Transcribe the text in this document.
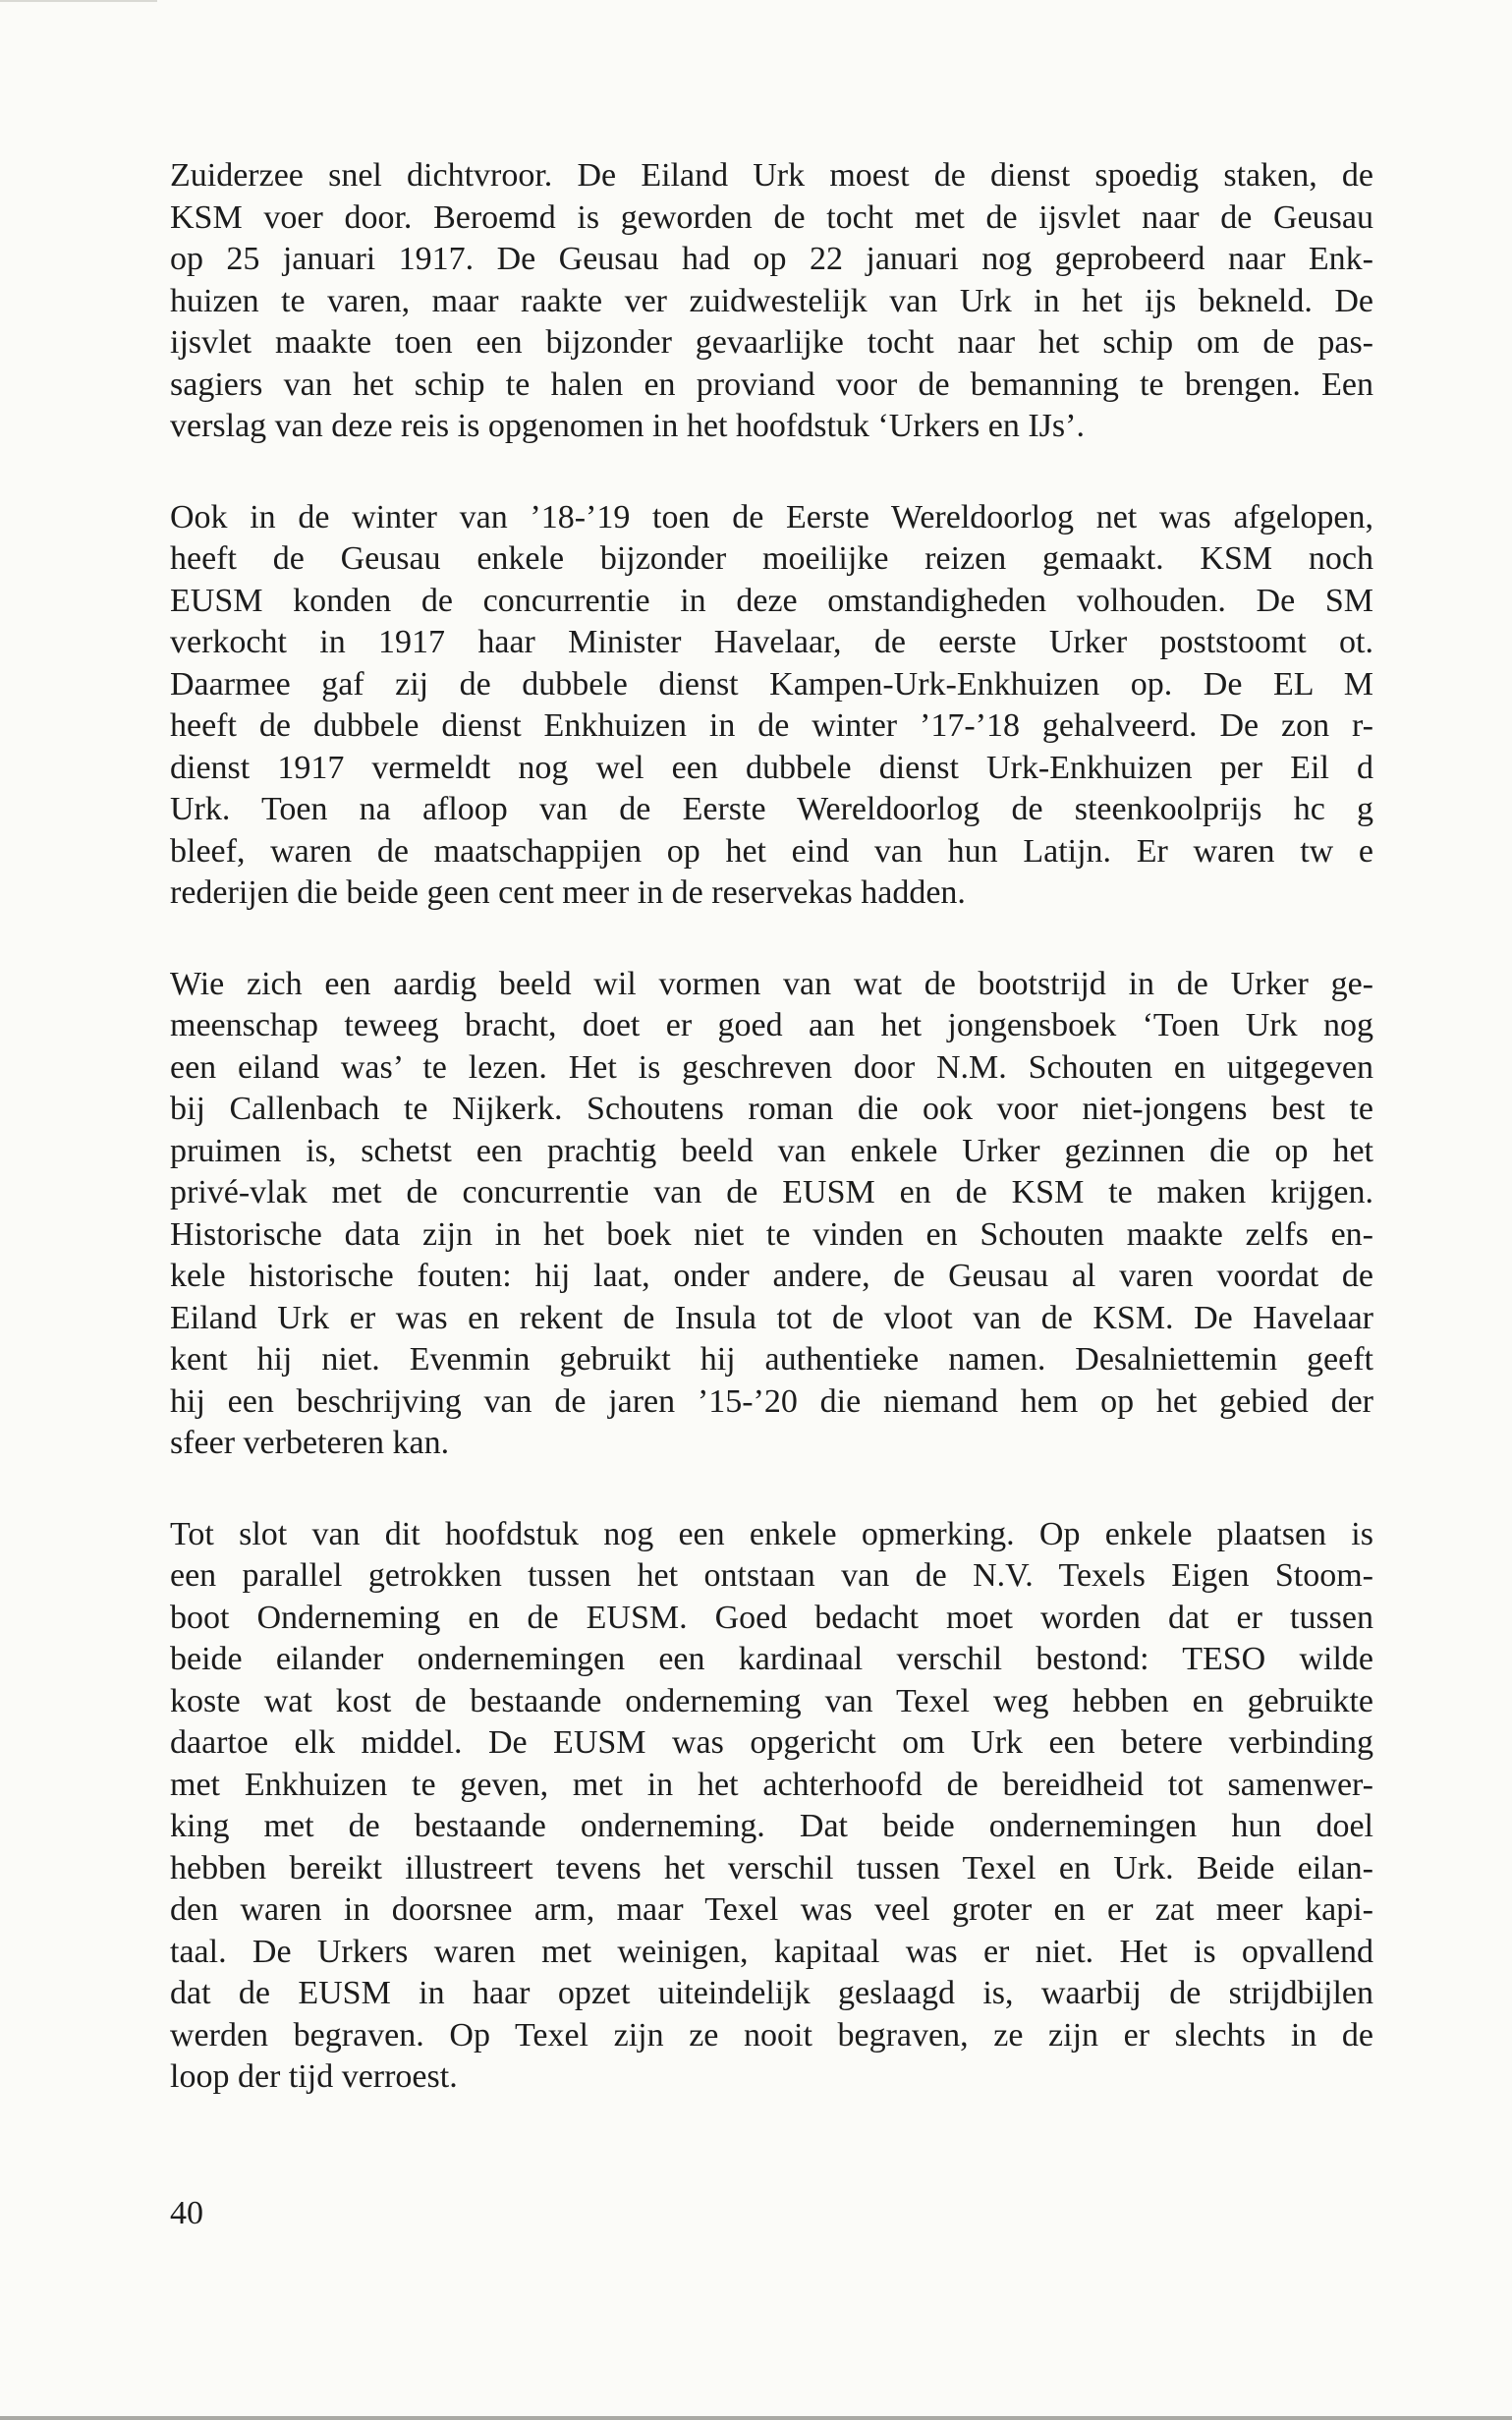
Zuiderzee snel dichtvroor. De Eiland Urk moest de dienst spoedig staken, de
KSM voer door. Beroemd is geworden de tocht met de ijsvlet naar de Geusau
op 25 januari 1917. De Geusau had op 22 januari nog geprobeerd naar Enk-
huizen te varen, maar raakte ver zuidwestelijk van Urk in het ijs bekneld. De
ijsvlet maakte toen een bijzonder gevaarlijke tocht naar het schip om de pas-
sagiers van het schip te halen en proviand voor de bemanning te brengen. Een
verslag van deze reis is opgenomen in het hoofdstuk ‘Urkers en IJs’.

Ook in de winter van ’18-’19 toen de Eerste Wereldoorlog net was afgelopen,
heeft de Geusau enkele bijzonder moeilijke reizen gemaakt. KSM noch
EUSM konden de concurrentie in deze omstandigheden volhouden. De SM
verkocht in 1917 haar Minister Havelaar, de eerste Urker poststoomt ot.
Daarmee gaf zij de dubbele dienst Kampen-Urk-Enkhuizen op. De EL M
heeft de dubbele dienst Enkhuizen in de winter ’17-’18 gehalveerd. De zon r-
dienst 1917 vermeldt nog wel een dubbele dienst Urk-Enkhuizen per Eil d
Urk. Toen na afloop van de Eerste Wereldoorlog de steenkoolprijs hc g
bleef, waren de maatschappijen op het eind van hun Latijn. Er waren tw e
rederijen die beide geen cent meer in de reservekas hadden.

Wie zich een aardig beeld wil vormen van wat de bootstrijd in de Urker ge-
meenschap teweeg bracht, doet er goed aan het jongensboek ‘Toen Urk nog
een eiland was’ te lezen. Het is geschreven door N.M. Schouten en uitgegeven
bij Callenbach te Nijkerk. Schoutens roman die ook voor niet-jongens best te
pruimen is, schetst een prachtig beeld van enkele Urker gezinnen die op het
privé-vlak met de concurrentie van de EUSM en de KSM te maken krijgen.
Historische data zijn in het boek niet te vinden en Schouten maakte zelfs en-
kele historische fouten: hij laat, onder andere, de Geusau al varen voordat de
Eiland Urk er was en rekent de Insula tot de vloot van de KSM. De Havelaar
kent hij niet. Evenmin gebruikt hij authentieke namen. Desalniettemin geeft
hij een beschrijving van de jaren ’15-’20 die niemand hem op het gebied der
sfeer verbeteren kan.

Tot slot van dit hoofdstuk nog een enkele opmerking. Op enkele plaatsen is
een parallel getrokken tussen het ontstaan van de N.V. Texels Eigen Stoom-
boot Onderneming en de EUSM. Goed bedacht moet worden dat er tussen
beide eilander ondernemingen een kardinaal verschil bestond: TESO wilde
koste wat kost de bestaande onderneming van Texel weg hebben en gebruikte
daartoe elk middel. De EUSM was opgericht om Urk een betere verbinding
met Enkhuizen te geven, met in het achterhoofd de bereidheid tot samenwer-
king met de bestaande onderneming. Dat beide ondernemingen hun doel
hebben bereikt illustreert tevens het verschil tussen Texel en Urk. Beide eilan-
den waren in doorsnee arm, maar Texel was veel groter en er zat meer kapi-
taal. De Urkers waren met weinigen, kapitaal was er niet. Het is opvallend
dat de EUSM in haar opzet uiteindelijk geslaagd is, waarbij de strijdbijlen
werden begraven. Op Texel zijn ze nooit begraven, ze zijn er slechts in de
loop der tijd verroest.

40
